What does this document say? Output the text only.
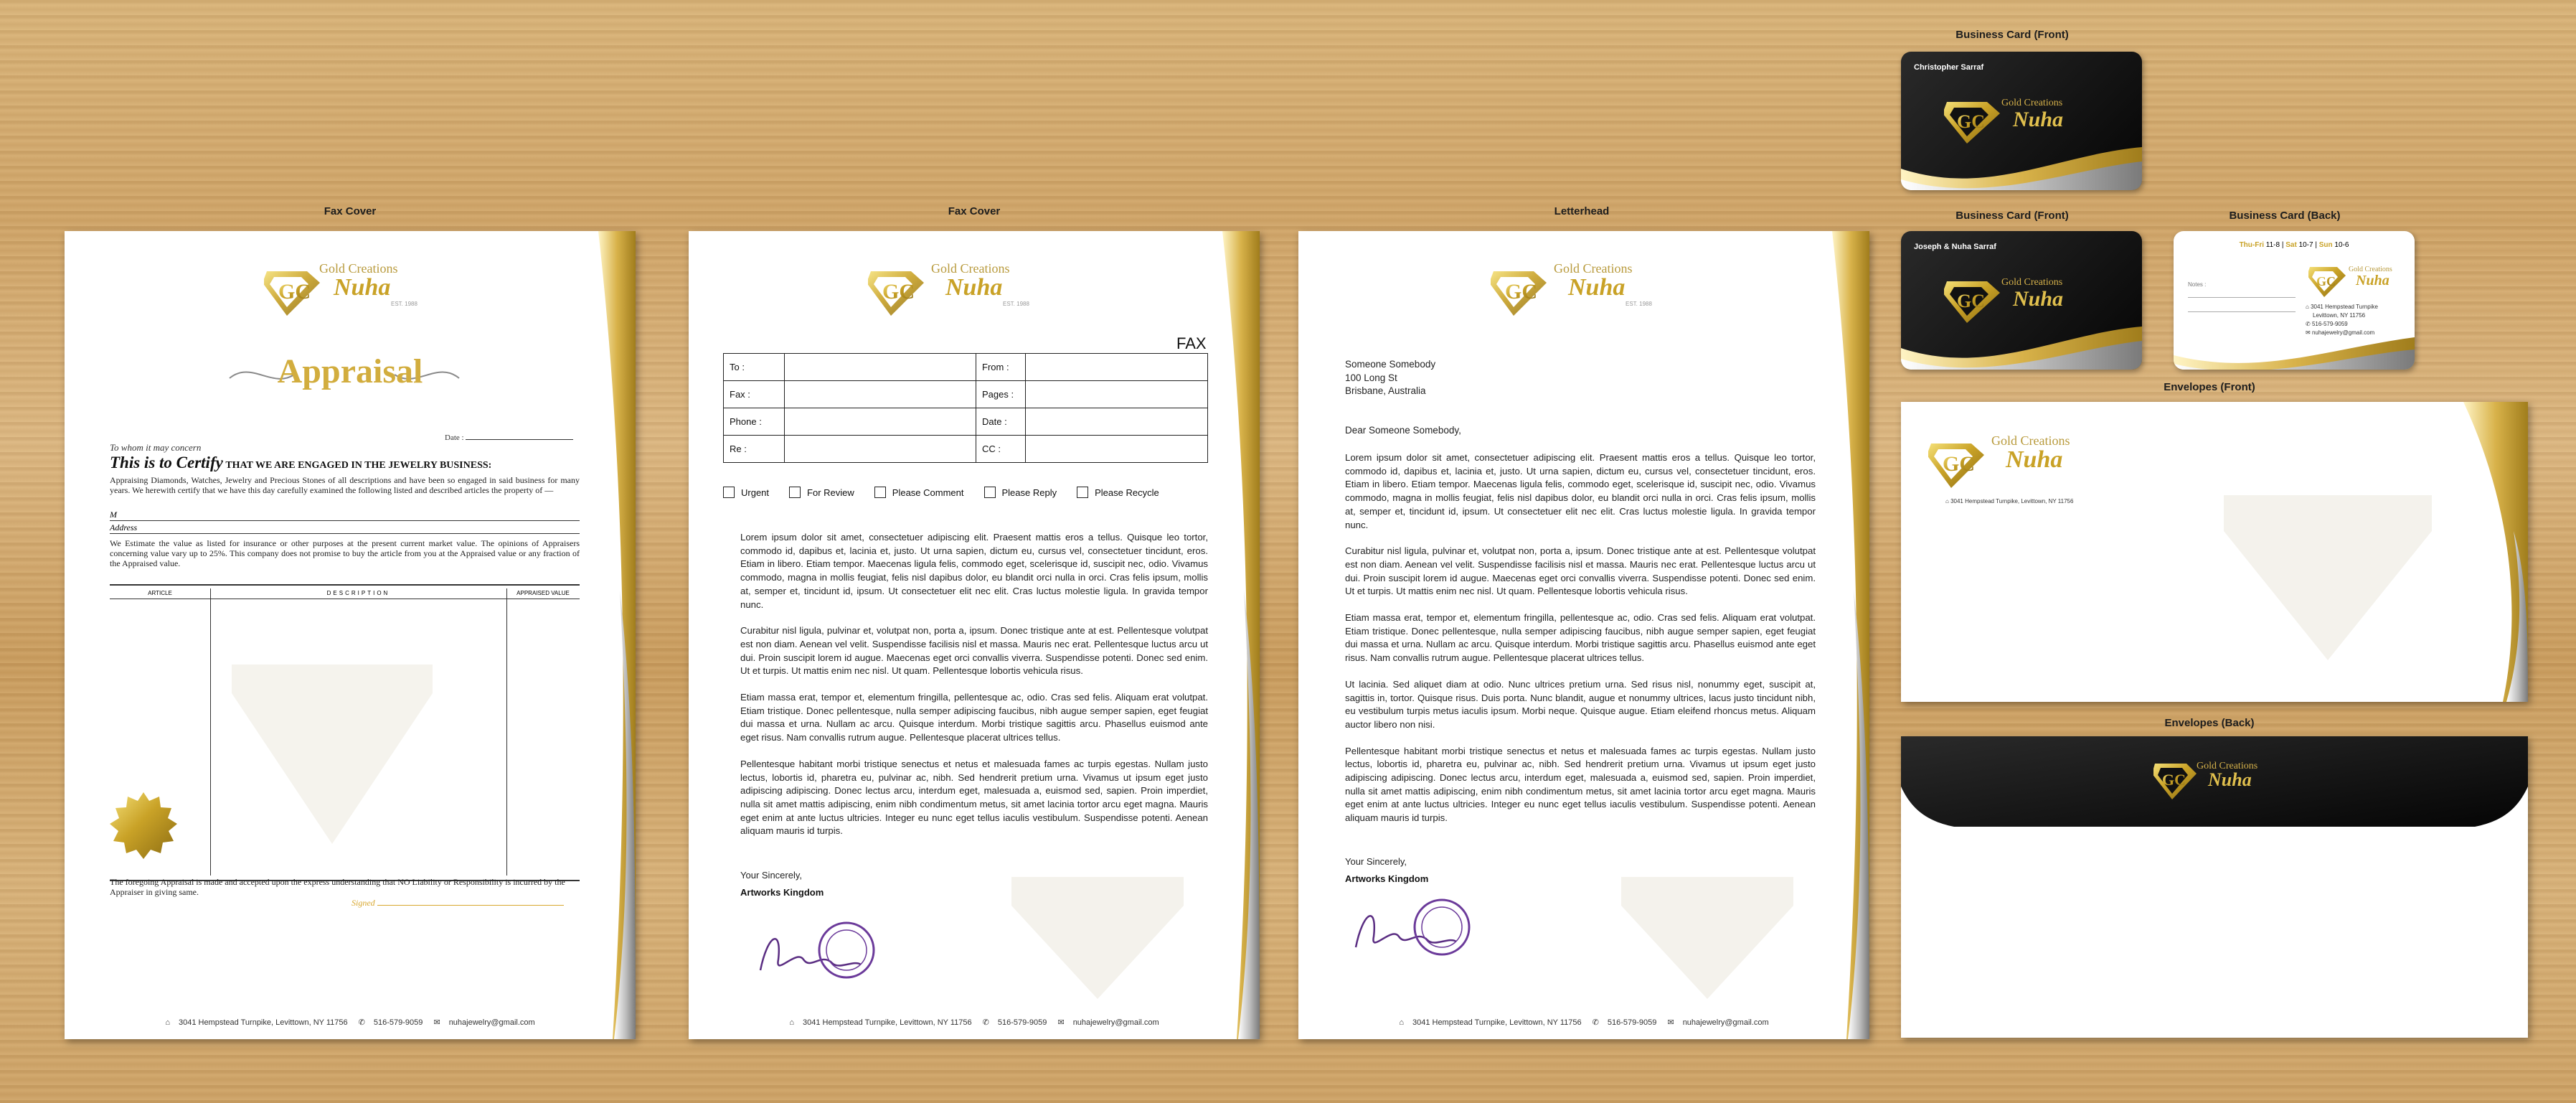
Fax Cover	Fax Cover	Letterhead
Business Card (Front)
Business Card (Front)	Business Card (Back)
Envelopes (Front)
Envelopes (Back)
GC
Gold Creations
Nuha
EST. 1988
Appraisal
Date :
To whom it may concern
This is to Certify THAT WE ARE ENGAGED IN THE JEWELRY BUSINESS:
Appraising Diamonds, Watches, Jewelry and Precious Stones of all descriptions and have been so engaged in said business for many years. We herewith certify that we have this day carefully examined the following listed and described articles the property of —
M
Address
We Estimate the value as listed for insurance or other purposes at the present current market value. The opinions of Appraisers concerning value vary up to 25%. This company does not promise to buy the article from you at the Appraised value or any fraction of the Appraised value.
ARTICLE	DESCRIPTION	APPRAISED VALUE
The foregoing Appraisal is made and accepted upon the express understanding that NO Liability or Responsibility is incurred by the Appraiser in giving same.
Signed
⌂ 3041 Hempstead Turnpike, Levittown, NY 11756 ✆ 516-579-9059 ✉ nuhajewelry@gmail.com
GC
Gold Creations
Nuha
EST. 1988
FAX
To :		From :	
Fax :		Pages :	
Phone :		Date :	
Re :		CC :	
Urgent	For Review	Please Comment	Please Reply	Please Recycle

Lorem ipsum dolor sit amet, consectetuer adipiscing elit. Praesent mattis eros a tellus. Quisque leo tortor, commodo id, dapibus et, lacinia et, justo. Ut urna sapien, dictum eu, cursus vel, consectetuer tincidunt, eros. Etiam in libero. Etiam tempor. Maecenas ligula felis, commodo eget, scelerisque id, suscipit nec, odio. Vivamus commodo, magna in mollis feugiat, felis nisl dapibus dolor, eu blandit orci nulla in orci. Cras felis ipsum, mollis at, semper et, tincidunt id, ipsum. Ut consectetuer elit nec elit. Cras luctus molestie ligula. In gravida tempor nunc.

Curabitur nisl ligula, pulvinar et, volutpat non, porta a, ipsum. Donec tristique ante at est. Pellentesque volutpat est non diam. Aenean vel velit. Suspendisse facilisis nisl et massa. Mauris nec erat. Pellentesque luctus arcu ut dui. Proin suscipit lorem id augue. Maecenas eget orci convallis viverra. Suspendisse potenti. Donec sed enim. Ut et turpis. Ut mattis enim nec nisl. Ut quam. Pellentesque lobortis vehicula risus.

Etiam massa erat, tempor et, elementum fringilla, pellentesque ac, odio. Cras sed felis. Aliquam erat volutpat. Etiam tristique. Donec pellentesque, nulla semper adipiscing faucibus, nibh augue semper sapien, eget feugiat dui massa et urna. Nullam ac arcu. Quisque interdum. Morbi tristique sagittis arcu. Phasellus euismod ante eget risus. Nam convallis rutrum augue. Pellentesque placerat ultrices tellus.

Pellentesque habitant morbi tristique senectus et netus et malesuada fames ac turpis egestas. Nullam justo lectus, lobortis id, pharetra eu, pulvinar ac, nibh. Sed hendrerit pretium urna. Vivamus ut ipsum eget justo adipiscing adipiscing. Donec lectus arcu, interdum eget, malesuada a, euismod sed, sapien. Proin imperdiet, nulla sit amet mattis adipiscing, enim nibh condimentum metus, sit amet lacinia tortor arcu eget magna. Mauris eget enim at ante luctus ultricies. Integer eu nunc eget tellus iaculis vestibulum. Suspendisse potenti. Aenean aliquam mauris id turpis.

Your Sincerely,
Artworks Kingdom
⌂ 3041 Hempstead Turnpike, Levittown, NY 11756 ✆ 516-579-9059 ✉ nuhajewelry@gmail.com
GC
Gold Creations
Nuha
EST. 1988
Someone Somebody
100 Long St
Brisbane, Australia
Dear Someone Somebody,

Lorem ipsum dolor sit amet, consectetuer adipiscing elit. Praesent mattis eros a tellus. Quisque leo tortor, commodo id, dapibus et, lacinia et, justo. Ut urna sapien, dictum eu, cursus vel, consectetuer tincidunt, eros. Etiam in libero. Etiam tempor. Maecenas ligula felis, commodo eget, scelerisque id, suscipit nec, odio. Vivamus commodo, magna in mollis feugiat, felis nisl dapibus dolor, eu blandit orci nulla in orci. Cras felis ipsum, mollis at, semper et, tincidunt id, ipsum. Ut consectetuer elit nec elit. Cras luctus molestie ligula. In gravida tempor nunc.

Curabitur nisl ligula, pulvinar et, volutpat non, porta a, ipsum. Donec tristique ante at est. Pellentesque volutpat est non diam. Aenean vel velit. Suspendisse facilisis nisl et massa. Mauris nec erat. Pellentesque luctus arcu ut dui. Proin suscipit lorem id augue. Maecenas eget orci convallis viverra. Suspendisse potenti. Donec sed enim. Ut et turpis. Ut mattis enim nec nisl. Ut quam. Pellentesque lobortis vehicula risus.

Etiam massa erat, tempor et, elementum fringilla, pellentesque ac, odio. Cras sed felis. Aliquam erat volutpat. Etiam tristique. Donec pellentesque, nulla semper adipiscing faucibus, nibh augue semper sapien, eget feugiat dui massa et urna. Nullam ac arcu. Quisque interdum. Morbi tristique sagittis arcu. Phasellus euismod ante eget risus. Nam convallis rutrum augue. Pellentesque placerat ultrices tellus.

Ut lacinia. Sed aliquet diam at odio. Nunc ultrices pretium urna. Sed risus nisl, nonummy eget, suscipit at, sagittis in, tortor. Quisque risus. Duis porta. Nunc blandit, augue et nonummy ultrices, lacus justo tincidunt nibh, eu vestibulum turpis metus iaculis ipsum. Morbi neque. Quisque augue. Etiam eleifend rhoncus metus. Aliquam auctor libero non nisi.

Pellentesque habitant morbi tristique senectus et netus et malesuada fames ac turpis egestas. Nullam justo lectus, lobortis id, pharetra eu, pulvinar ac, nibh. Sed hendrerit pretium urna. Vivamus ut ipsum eget justo adipiscing adipiscing. Donec lectus arcu, interdum eget, malesuada a, euismod sed, sapien. Proin imperdiet, nulla sit amet mattis adipiscing, enim nibh condimentum metus, sit amet lacinia tortor arcu eget magna. Mauris eget enim at ante luctus ultricies. Integer eu nunc eget tellus iaculis vestibulum. Suspendisse potenti. Aenean aliquam mauris id turpis.

Your Sincerely,
Artworks Kingdom
⌂ 3041 Hempstead Turnpike, Levittown, NY 11756 ✆ 516-579-9059 ✉ nuhajewelry@gmail.com
Christopher Sarraf
GC
Gold Creations
Nuha
Joseph & Nuha Sarraf
GC
Gold Creations
Nuha
Thu-Fri 11-8 | Sat 10-7 | Sun 10-6
Notes :	GC
Gold Creations
Nuha
⌂ 3041 Hempstead Turnpike
Levittown, NY 11756
✆ 516-579-9059
✉ nuhajewelry@gmail.com
GC
Gold Creations
Nuha
⌂ 3041 Hempstead Turnpike, Levittown, NY 11756
GC
Gold Creations
Nuha
